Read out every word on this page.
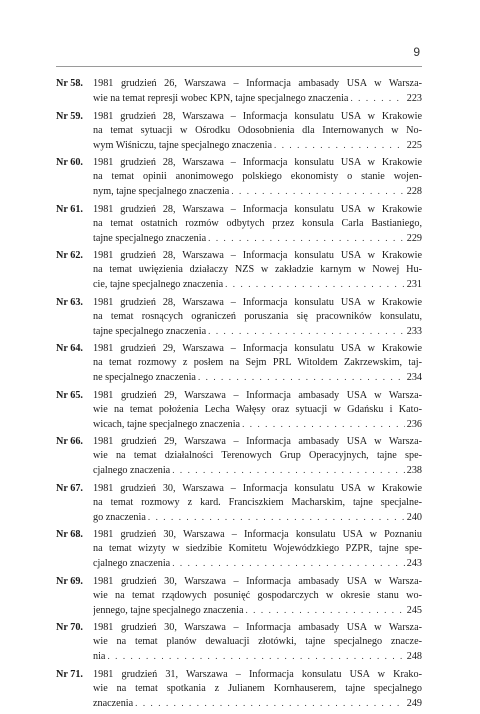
9
Nr 58. 1981 grudzień 26, Warszawa – Informacja ambasady USA w Warsza-
wie na temat represji wobec KPN, tajne specjalnego znaczenia . . .	223
Nr 59. 1981 grudzień 28, Warszawa – Informacja konsulatu USA w Krakowie
na temat sytuacji w Ośrodku Odosobnienia dla Internowanych w No-
wym Wiśniczu, tajne specjalnego znaczenia . . .	225
Nr 60. 1981 grudzień 28, Warszawa – Informacja konsulatu USA w Krakowie
na temat opinii anonimowego polskiego ekonomisty o stanie wojen-
nym, tajne specjalnego znaczenia . . .	228
Nr 61. 1981 grudzień 28, Warszawa – Informacja konsulatu USA w Krakowie
na temat ostatnich rozmów odbytych przez konsula Carla Bastianiego,
tajne specjalnego znaczenia . . .	229
Nr 62. 1981 grudzień 28, Warszawa – Informacja konsulatu USA w Krakowie
na temat uwięzienia działaczy NZS w zakładzie karnym w Nowej Hu-
cie, tajne specjalnego znaczenia . . .	231
Nr 63. 1981 grudzień 28, Warszawa – Informacja konsulatu USA w Krakowie
na temat rosnących ograniczeń poruszania się pracowników konsulatu,
tajne specjalnego znaczenia . . .	233
Nr 64. 1981 grudzień 29, Warszawa – Informacja konsulatu USA w Krakowie
na temat rozmowy z posłem na Sejm PRL Witoldem Zakrzewskim, taj-
ne specjalnego znaczenia . . .	234
Nr 65. 1981 grudzień 29, Warszawa – Informacja ambasady USA w Warsza-
wie na temat położenia Lecha Wałęsy oraz sytuacji w Gdańsku i Kato-
wicach, tajne specjalnego znaczenia . . .	236
Nr 66. 1981 grudzień 29, Warszawa – Informacja ambasady USA w Warsza-
wie na temat działalności Terenowych Grup Operacyjnych, tajne spe-
cjalnego znaczenia . . .	238
Nr 67. 1981 grudzień 30, Warszawa – Informacja konsulatu USA w Krakowie
na temat rozmowy z kard. Franciszkiem Macharskim, tajne specjalne-
go znaczenia . . .	240
Nr 68. 1981 grudzień 30, Warszawa – Informacja konsulatu USA w Poznaniu
na temat wizyty w siedzibie Komitetu Wojewódzkiego PZPR, tajne spe-
cjalnego znaczenia . . .	243
Nr 69. 1981 grudzień 30, Warszawa – Informacja ambasady USA w Warsza-
wie na temat rządowych posunięć gospodarczych w okresie stanu wo-
jennego, tajne specjalnego znaczenia . . .	245
Nr 70. 1981 grudzień 30, Warszawa – Informacja ambasady USA w Warsza-
wie na temat planów dewaluacji złotówki, tajne specjalnego znacze-
nia . . .	248
Nr 71. 1981 grudzień 31, Warszawa – Informacja konsulatu USA w Krako-
wie na temat spotkania z Julianem Kornhauserem, tajne specjalnego
znaczenia . . .	249
